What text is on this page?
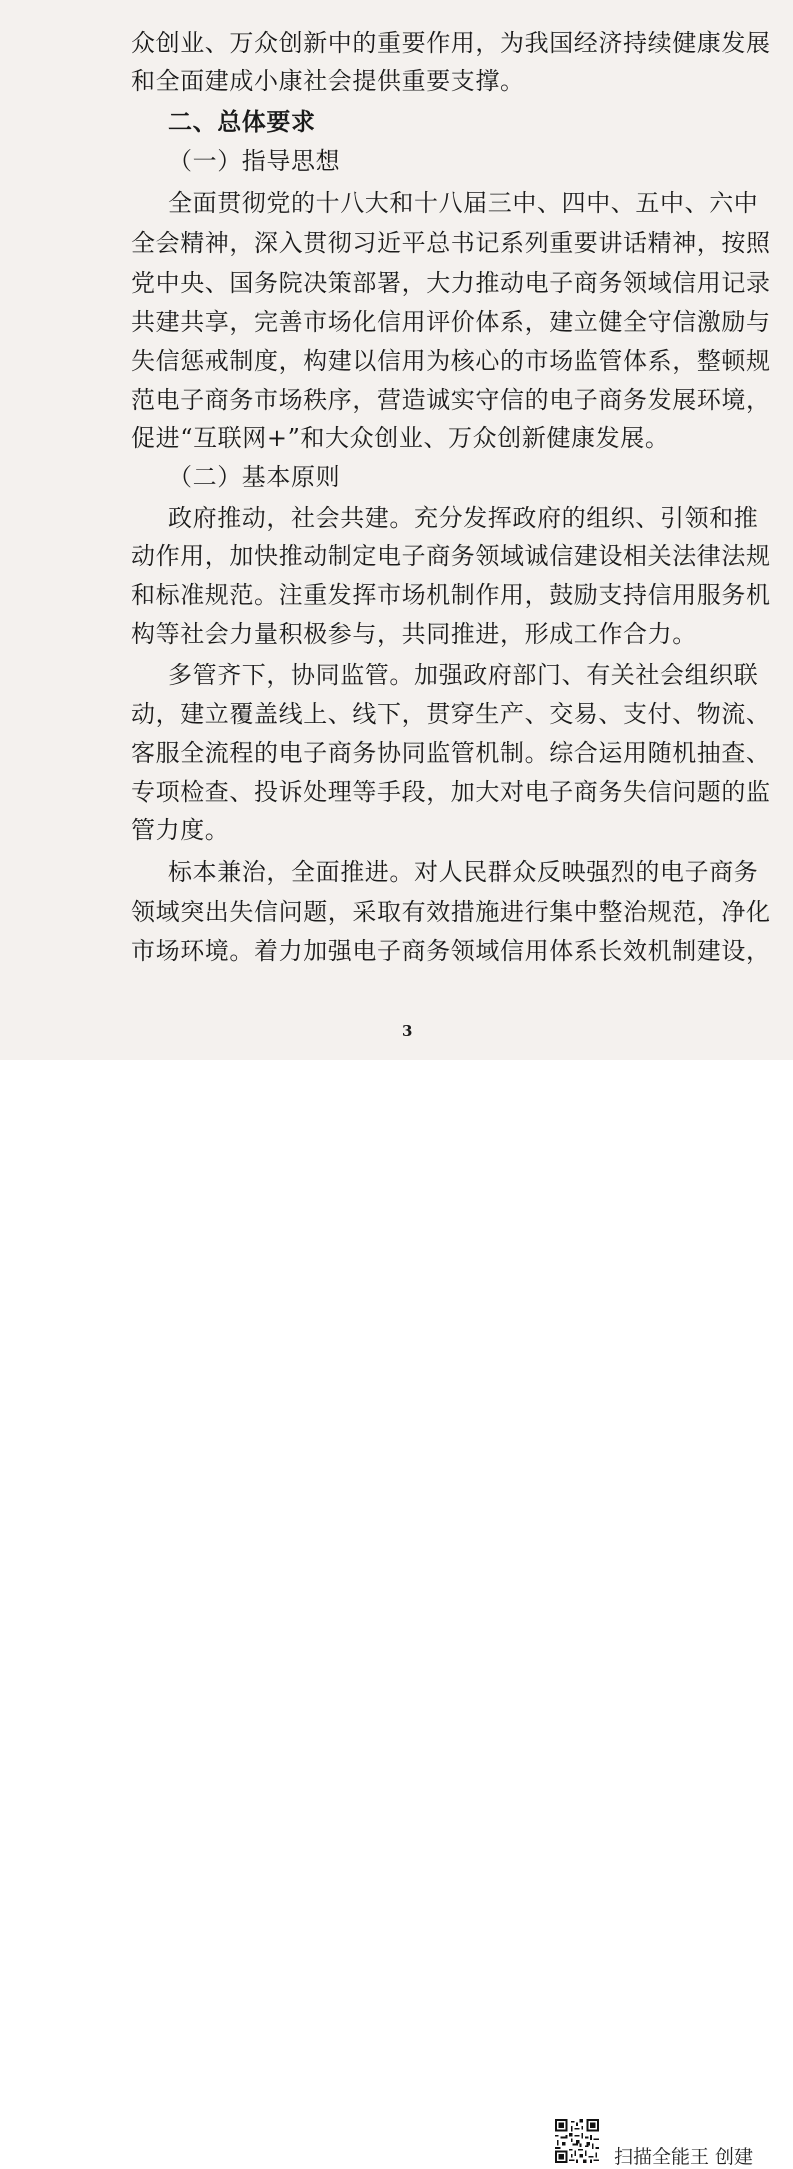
众创业、万众创新中的重要作用，为我国经济持续健康发展
和全面建成小康社会提供重要支撑。
二、总体要求
（一）指导思想
全面贯彻党的十八大和十八届三中、四中、五中、六中
全会精神，深入贯彻习近平总书记系列重要讲话精神，按照
党中央、国务院决策部署，大力推动电子商务领域信用记录
共建共享，完善市场化信用评价体系，建立健全守信激励与
失信惩戒制度，构建以信用为核心的市场监管体系，整顿规
范电子商务市场秩序，营造诚实守信的电子商务发展环境，
促进“互联网+”和大众创业、万众创新健康发展。
（二）基本原则
政府推动，社会共建。充分发挥政府的组织、引领和推
动作用，加快推动制定电子商务领域诚信建设相关法律法规
和标准规范。注重发挥市场机制作用，鼓励支持信用服务机
构等社会力量积极参与，共同推进，形成工作合力。
多管齐下，协同监管。加强政府部门、有关社会组织联
动，建立覆盖线上、线下，贯穿生产、交易、支付、物流、
客服全流程的电子商务协同监管机制。综合运用随机抽查、
专项检查、投诉处理等手段，加大对电子商务失信问题的监
管力度。
标本兼治，全面推进。对人民群众反映强烈的电子商务
领域突出失信问题，采取有效措施进行集中整治规范，净化
市场环境。着力加强电子商务领域信用体系长效机制建设，
3
扫描全能王 创建
